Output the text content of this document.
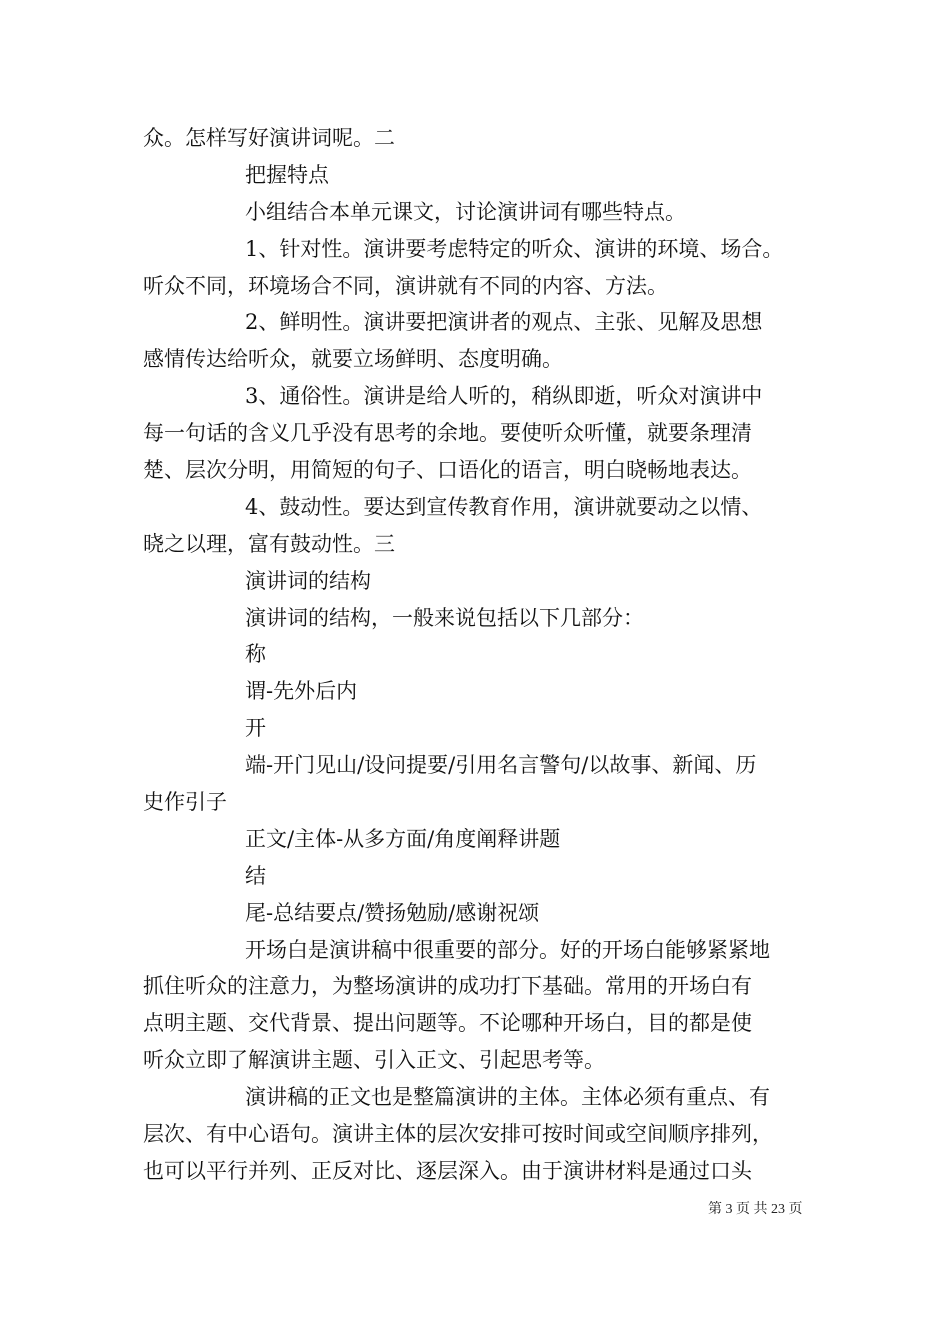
众。怎样写好演讲词呢。二
把握特点
小组结合本单元课文，讨论演讲词有哪些特点。
1、针对性。演讲要考虑特定的听众、演讲的环境、场合。
听众不同，环境场合不同，演讲就有不同的内容、方法。
2、鲜明性。演讲要把演讲者的观点、主张、见解及思想
感情传达给听众，就要立场鲜明、态度明确。
3、通俗性。演讲是给人听的，稍纵即逝，听众对演讲中
每一句话的含义几乎没有思考的余地。要使听众听懂，就要条理清
楚、层次分明，用简短的句子、口语化的语言，明白晓畅地表达。
4、鼓动性。要达到宣传教育作用，演讲就要动之以情、
晓之以理，富有鼓动性。三
演讲词的结构
演讲词的结构，一般来说包括以下几部分：
称
谓-先外后内
开
端-开门见山/设问提要/引用名言警句/以故事、新闻、历
史作引子
正文/主体-从多方面/角度阐释讲题
结
尾-总结要点/赞扬勉励/感谢祝颂
开场白是演讲稿中很重要的部分。好的开场白能够紧紧地
抓住听众的注意力，为整场演讲的成功打下基础。常用的开场白有
点明主题、交代背景、提出问题等。不论哪种开场白，目的都是使
听众立即了解演讲主题、引入正文、引起思考等。
演讲稿的正文也是整篇演讲的主体。主体必须有重点、有
层次、有中心语句。演讲主体的层次安排可按时间或空间顺序排列，
也可以平行并列、正反对比、逐层深入。由于演讲材料是通过口头
第 3 页 共 23 页
